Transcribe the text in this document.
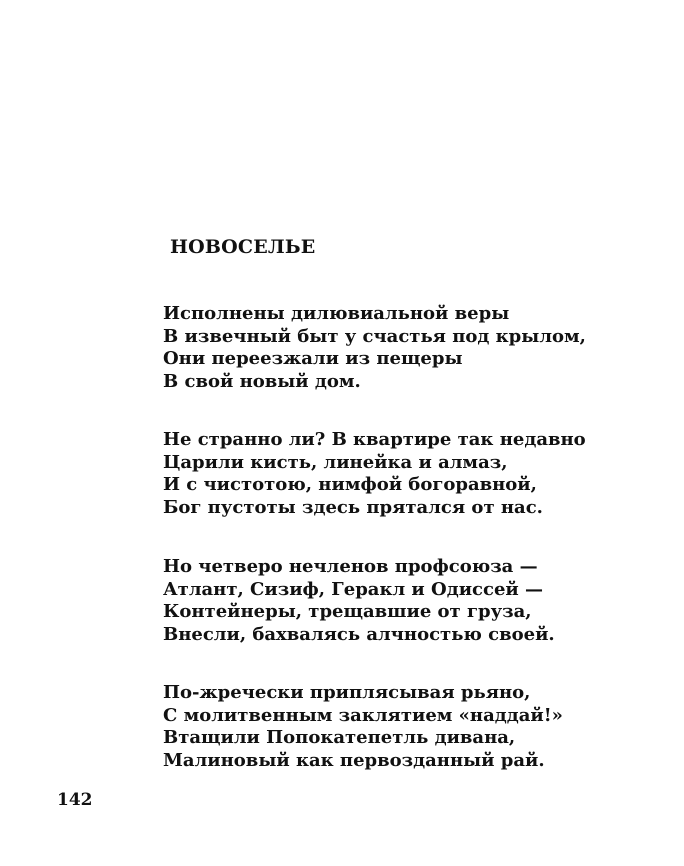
НОВОСЕЛЬЕ

Исполнены дилювиальной веры
В извечный быт у счастья под крылом,
Они переезжали из пещеры
В свой новый дом.

Не странно ли? В квартире так недавно
Царили кисть, линейка и алмаз,
И с чистотою, нимфой богоравной,
Бог пустоты здесь прятался от нас.

Но четверо нечленов профсоюза —
Атлант, Сизиф, Геракл и Одиссей —
Контейнеры, трещавшие от груза,
Внесли, бахвалясь алчностью своей.

По-жречески приплясывая рьяно,
С молитвенным заклятием «наддай!»
Втащили Попокатепетль дивана,
Малиновый как первозданный рай.

142
